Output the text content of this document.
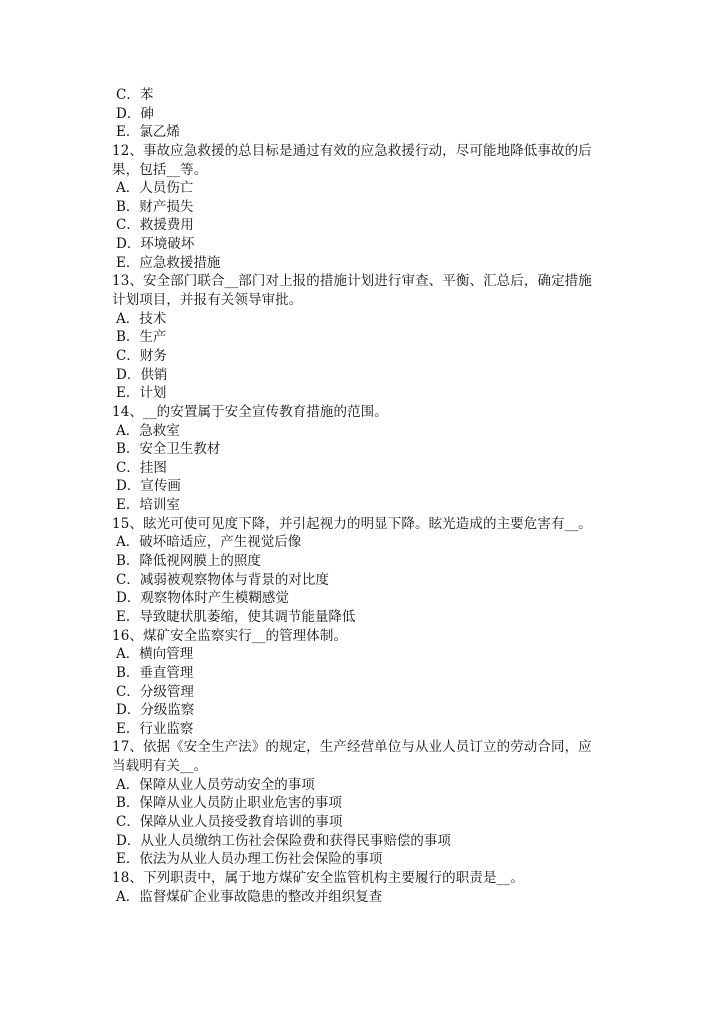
C．苯
D．砷
E．氯乙烯
12、事故应急救援的总目标是通过有效的应急救援行动，尽可能地降低事故的后
果，包括__等。
A．人员伤亡
B．财产损失
C．救援费用
D．环境破坏
E．应急救援措施
13、安全部门联合__部门对上报的措施计划进行审查、平衡、汇总后，确定措施
计划项目，并报有关领导审批。
A．技术
B．生产
C．财务
D．供销
E．计划
14、__的安置属于安全宣传教育措施的范围。
A．急救室
B．安全卫生教材
C．挂图
D．宣传画
E．培训室
15、眩光可使可见度下降，并引起视力的明显下降。眩光造成的主要危害有__。
A．破坏暗适应，产生视觉后像
B．降低视网膜上的照度
C．减弱被观察物体与背景的对比度
D．观察物体时产生模糊感觉
E．导致睫状肌萎缩，使其调节能量降低
16、煤矿安全监察实行__的管理体制。
A．横向管理
B．垂直管理
C．分级管理
D．分级监察
E．行业监察
17、依据《安全生产法》的规定，生产经营单位与从业人员订立的劳动合同，应
当载明有关__。
A．保障从业人员劳动安全的事项
B．保障从业人员防止职业危害的事项
C．保障从业人员接受教育培训的事项
D．从业人员缴纳工伤社会保险费和获得民事赔偿的事项
E．依法为从业人员办理工伤社会保险的事项
18、下列职责中，属于地方煤矿安全监管机构主要履行的职责是__。
A．监督煤矿企业事故隐患的整改并组织复查
